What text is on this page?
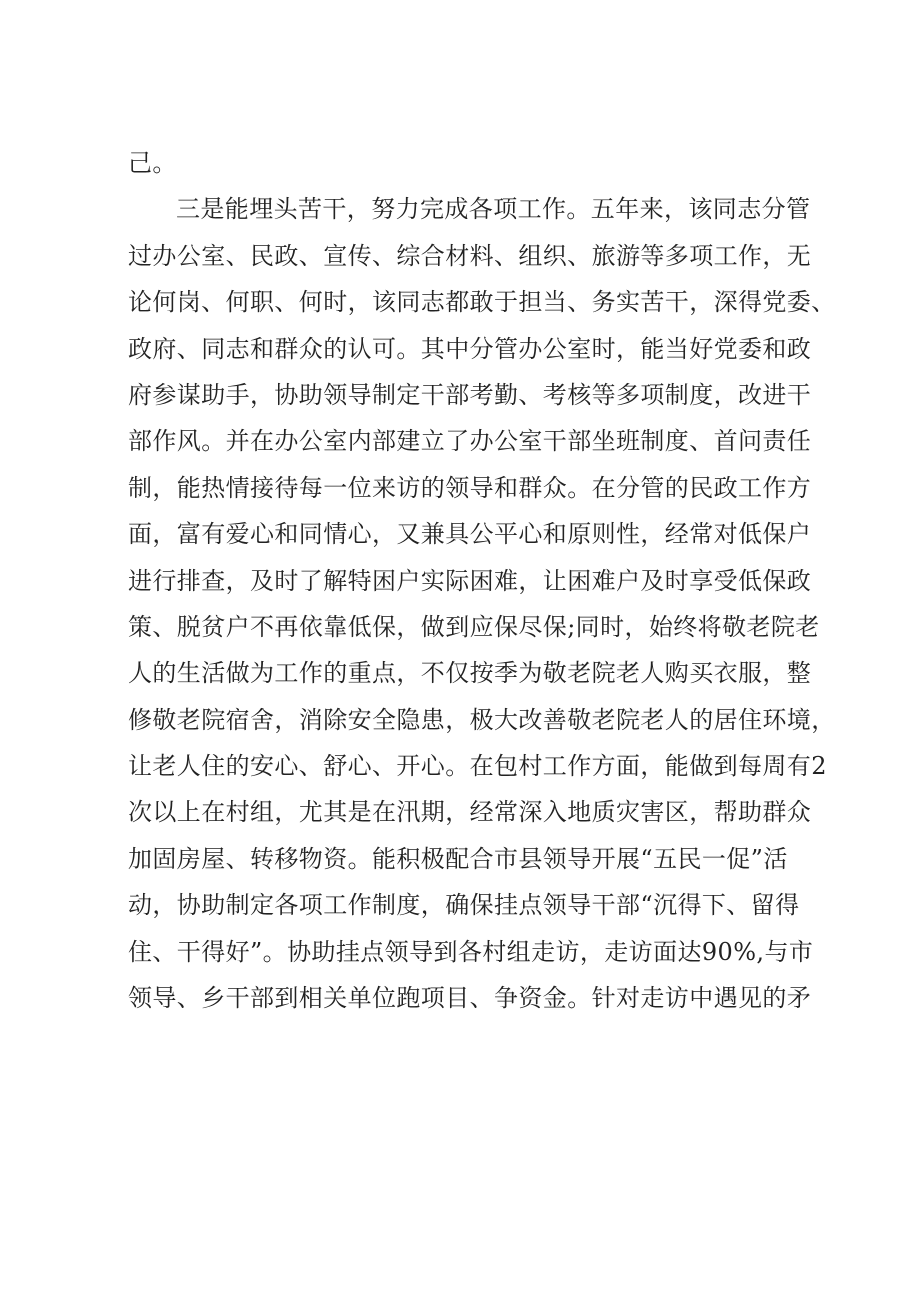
己。
三是能埋头苦干，努力完成各项工作。五年来，该同志分管
过办公室、民政、宣传、综合材料、组织、旅游等多项工作，无
论何岗、何职、何时，该同志都敢于担当、务实苦干，深得党委、
政府、同志和群众的认可。其中分管办公室时，能当好党委和政
府参谋助手，协助领导制定干部考勤、考核等多项制度，改进干
部作风。并在办公室内部建立了办公室干部坐班制度、首问责任
制，能热情接待每一位来访的领导和群众。在分管的民政工作方
面，富有爱心和同情心，又兼具公平心和原则性，经常对低保户
进行排查，及时了解特困户实际困难，让困难户及时享受低保政
策、脱贫户不再依靠低保，做到应保尽保;同时，始终将敬老院老
人的生活做为工作的重点，不仅按季为敬老院老人购买衣服，整
修敬老院宿舍，消除安全隐患，极大改善敬老院老人的居住环境，
让老人住的安心、舒心、开心。在包村工作方面，能做到每周有2
次以上在村组，尤其是在汛期，经常深入地质灾害区，帮助群众
加固房屋、转移物资。能积极配合市县领导开展“五民一促”活
动，协助制定各项工作制度，确保挂点领导干部“沉得下、留得
住、干得好”。协助挂点领导到各村组走访，走访面达90%,与市
领导、乡干部到相关单位跑项目、争资金。针对走访中遇见的矛
